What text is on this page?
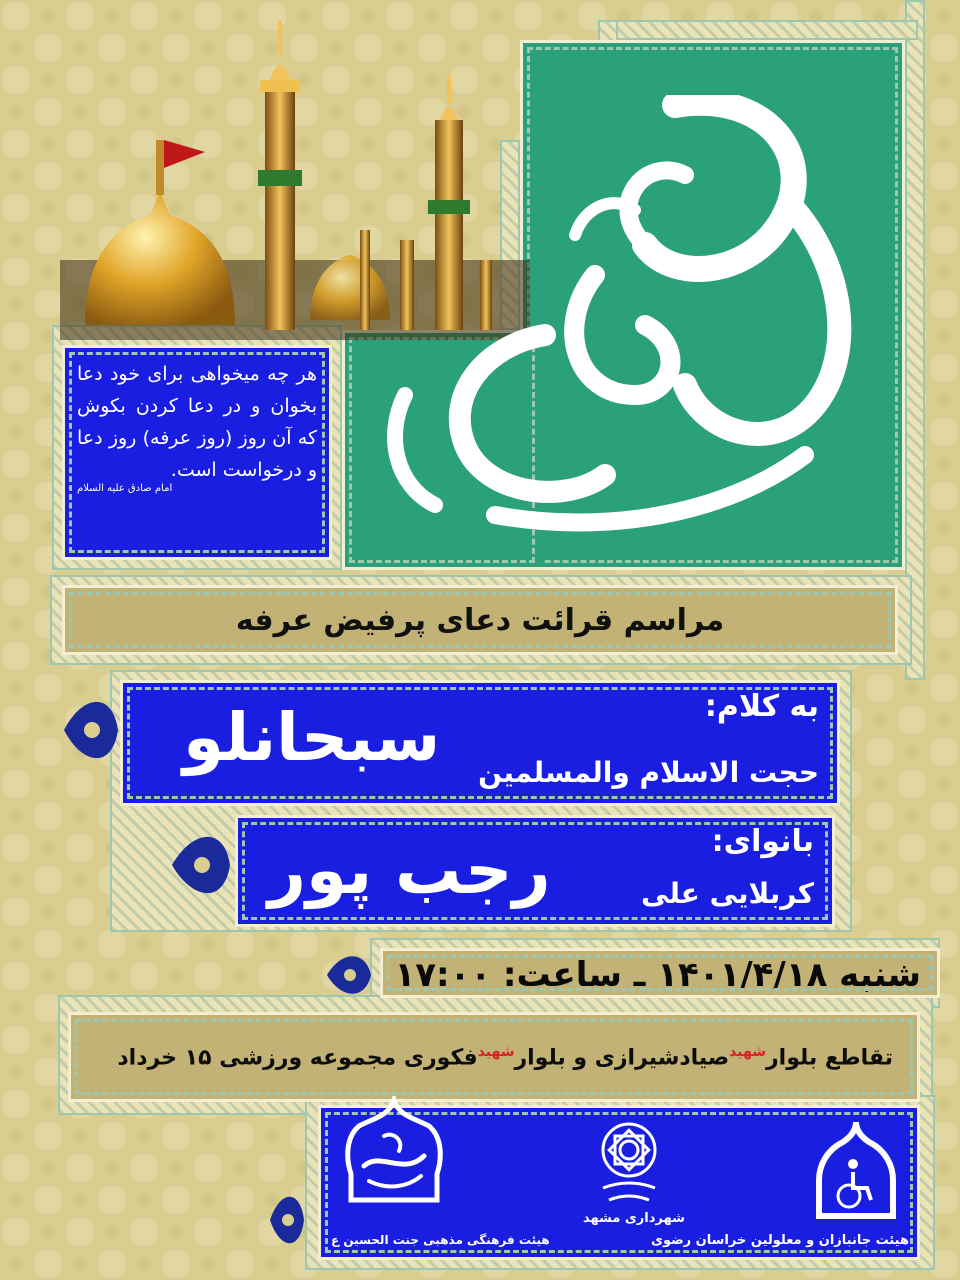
هر چه میخواهی برای خود دعا بخوان و در دعا کردن بکوش که آن روز (روز عرفه) روز دعا و درخواست است.
امام صادق علیه السلام
مراسم قرائت دعای پرفیض عرفه
به کلام:
حجت الاسلام والمسلمین
سبحانلو
بانوای:
کربلایی علی
رجب پور
شنبه ۱۴۰۱/۴/۱۸ ـ ساعت: ۱۷:۰۰
تقاطع بلوار$^{شهید}$صیادشیرازی و بلوار$^{شهید}$فکوری مجموعه ورزشی ۱۵ خرداد
هیئت جانبازان و معلولین خراسان رضوی
شهرداری مشهد
هیئت فرهنگی مذهبی جنت الحسین ع
